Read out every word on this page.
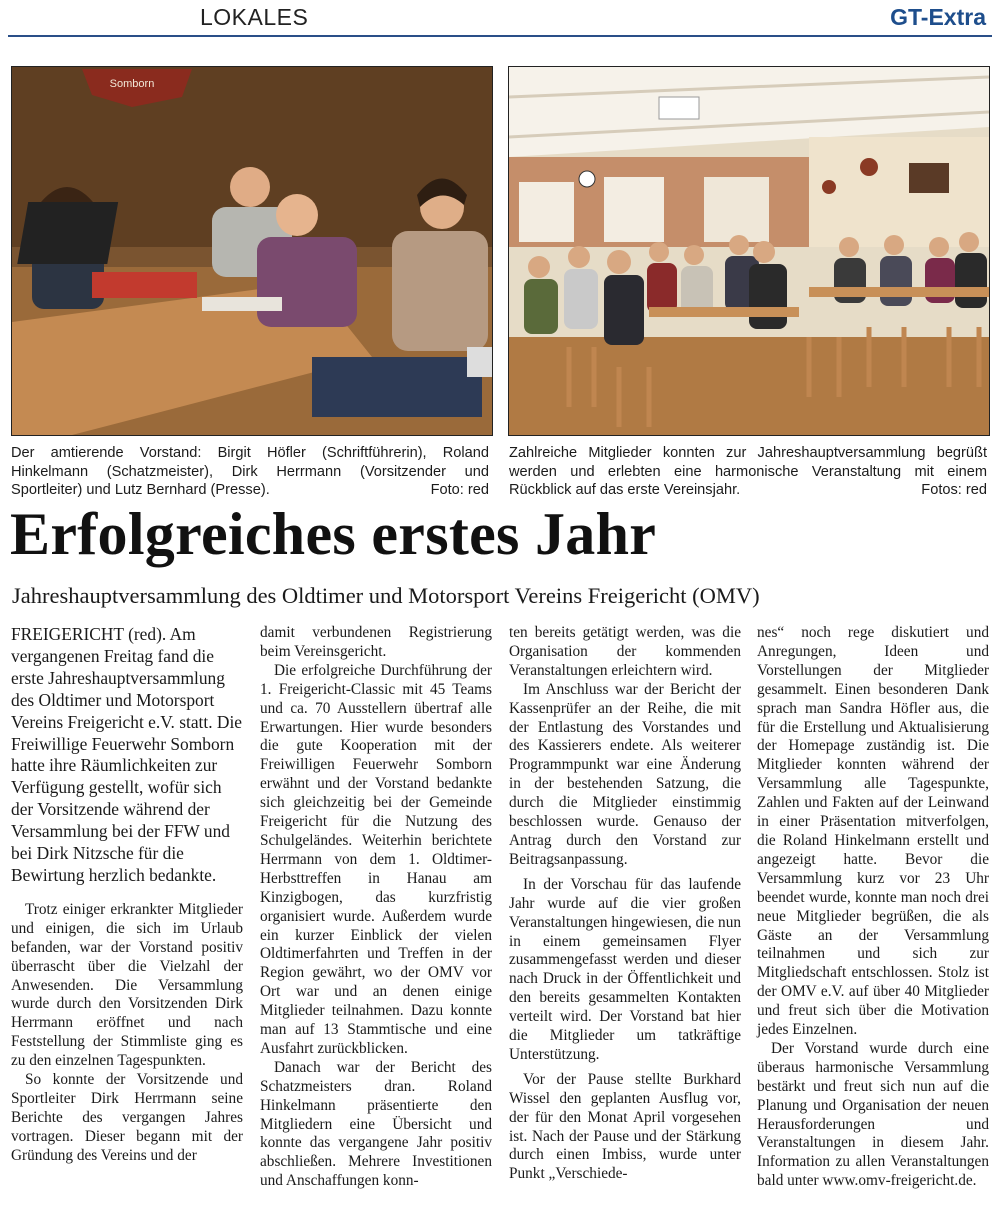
LOKALES	GT-Extra
Somborn
Der amtierende Vorstand: Birgit Höfler (Schriftführerin), Roland Hinkelmann (Schatzmeister), Dirk Herrmann (Vorsitzender und Sportleiter) und Lutz Bernhard (Presse).	Foto: red
Zahlreiche Mitglieder konnten zur Jahreshauptversammlung begrüßt werden und erlebten eine harmonische Veranstaltung mit einem Rückblick auf das erste Vereinsjahr.	Fotos: red
Erfolgreiches erstes Jahr
Jahreshauptversammlung des Oldtimer und Motorsport Vereins Freigericht (OMV)

FREIGERICHT (red). Am vergangenen Freitag fand die erste Jahreshauptversammlung des Oldtimer und Motorsport Vereins Freigericht e.V. statt. Die Freiwillige Feuerwehr Somborn hatte ihre Räumlichkeiten zur Verfügung gestellt, wofür sich der Vorsitzende während der Versammlung bei der FFW und bei Dirk Nitzsche für die Bewirtung herzlich bedankte.

Trotz einiger erkrankter Mitglieder und einigen, die sich im Urlaub befanden, war der Vorstand positiv überrascht über die Vielzahl der Anwesenden. Die Versammlung wurde durch den Vorsitzenden Dirk Herrmann eröffnet und nach Feststellung der Stimmliste ging es zu den einzelnen Tagespunkten.

So konnte der Vorsitzende und Sportleiter Dirk Herrmann seine Berichte des vergangen Jahres vortragen. Dieser begann mit der Gründung des Vereins und der

damit verbundenen Registrierung beim Vereinsgericht.

Die erfolgreiche Durchführung der 1. Freigericht-Classic mit 45 Teams und ca. 70 Ausstellern übertraf alle Erwartungen. Hier wurde besonders die gute Kooperation mit der Freiwilligen Feuerwehr Somborn erwähnt und der Vorstand bedankte sich gleichzeitig bei der Gemeinde Freigericht für die Nutzung des Schulgeländes. Weiterhin berichtete Herrmann von dem 1. Oldtimer-Herbsttreffen in Hanau am Kinzigbogen, das kurzfristig organisiert wurde. Außerdem wurde ein kurzer Einblick der vielen Oldtimerfahrten und Treffen in der Region gewährt, wo der OMV vor Ort war und an denen einige Mitglieder teilnahmen. Dazu konnte man auf 13 Stammtische und eine Ausfahrt zurückblicken.

Danach war der Bericht des Schatzmeisters dran. Roland Hinkelmann präsentierte den Mitgliedern eine Übersicht und konnte das vergangene Jahr positiv abschließen. Mehrere Investitionen und Anschaffungen konn-

ten bereits getätigt werden, was die Organisation der kommenden Veranstaltungen erleichtern wird.

Im Anschluss war der Bericht der Kassenprüfer an der Reihe, die mit der Entlastung des Vorstandes und des Kassierers endete. Als weiterer Programmpunkt war eine Änderung in der bestehenden Satzung, die durch die Mitglieder einstimmig beschlossen wurde. Genauso der Antrag durch den Vorstand zur Beitragsanpassung.

In der Vorschau für das laufende Jahr wurde auf die vier großen Veranstaltungen hingewiesen, die nun in einem gemeinsamen Flyer zusammengefasst werden und dieser nach Druck in der Öffentlichkeit und den bereits gesammelten Kontakten verteilt wird. Der Vorstand bat hier die Mitglieder um tatkräftige Unterstützung.

Vor der Pause stellte Burkhard Wissel den geplanten Ausflug vor, der für den Monat April vorgesehen ist. Nach der Pause und der Stärkung durch einen Imbiss, wurde unter Punkt „Verschiede-

nes“ noch rege diskutiert und Anregungen, Ideen und Vorstellungen der Mitglieder gesammelt. Einen besonderen Dank sprach man Sandra Höfler aus, die für die Erstellung und Aktualisierung der Homepage zuständig ist. Die Mitglieder konnten während der Versammlung alle Tagespunkte, Zahlen und Fakten auf der Leinwand in einer Präsentation mitverfolgen, die Roland Hinkelmann erstellt und angezeigt hatte. Bevor die Versammlung kurz vor 23 Uhr beendet wurde, konnte man noch drei neue Mitglieder begrüßen, die als Gäste an der Versammlung teilnahmen und sich zur Mitgliedschaft entschlossen. Stolz ist der OMV e.V. auf über 40 Mitglieder und freut sich über die Motivation jedes Einzelnen.

Der Vorstand wurde durch eine überaus harmonische Versammlung bestärkt und freut sich nun auf die Planung und Organisation der neuen Herausforderungen und Veranstaltungen in diesem Jahr. Information zu allen Veranstaltungen bald unter www.omv-freigericht.de.
